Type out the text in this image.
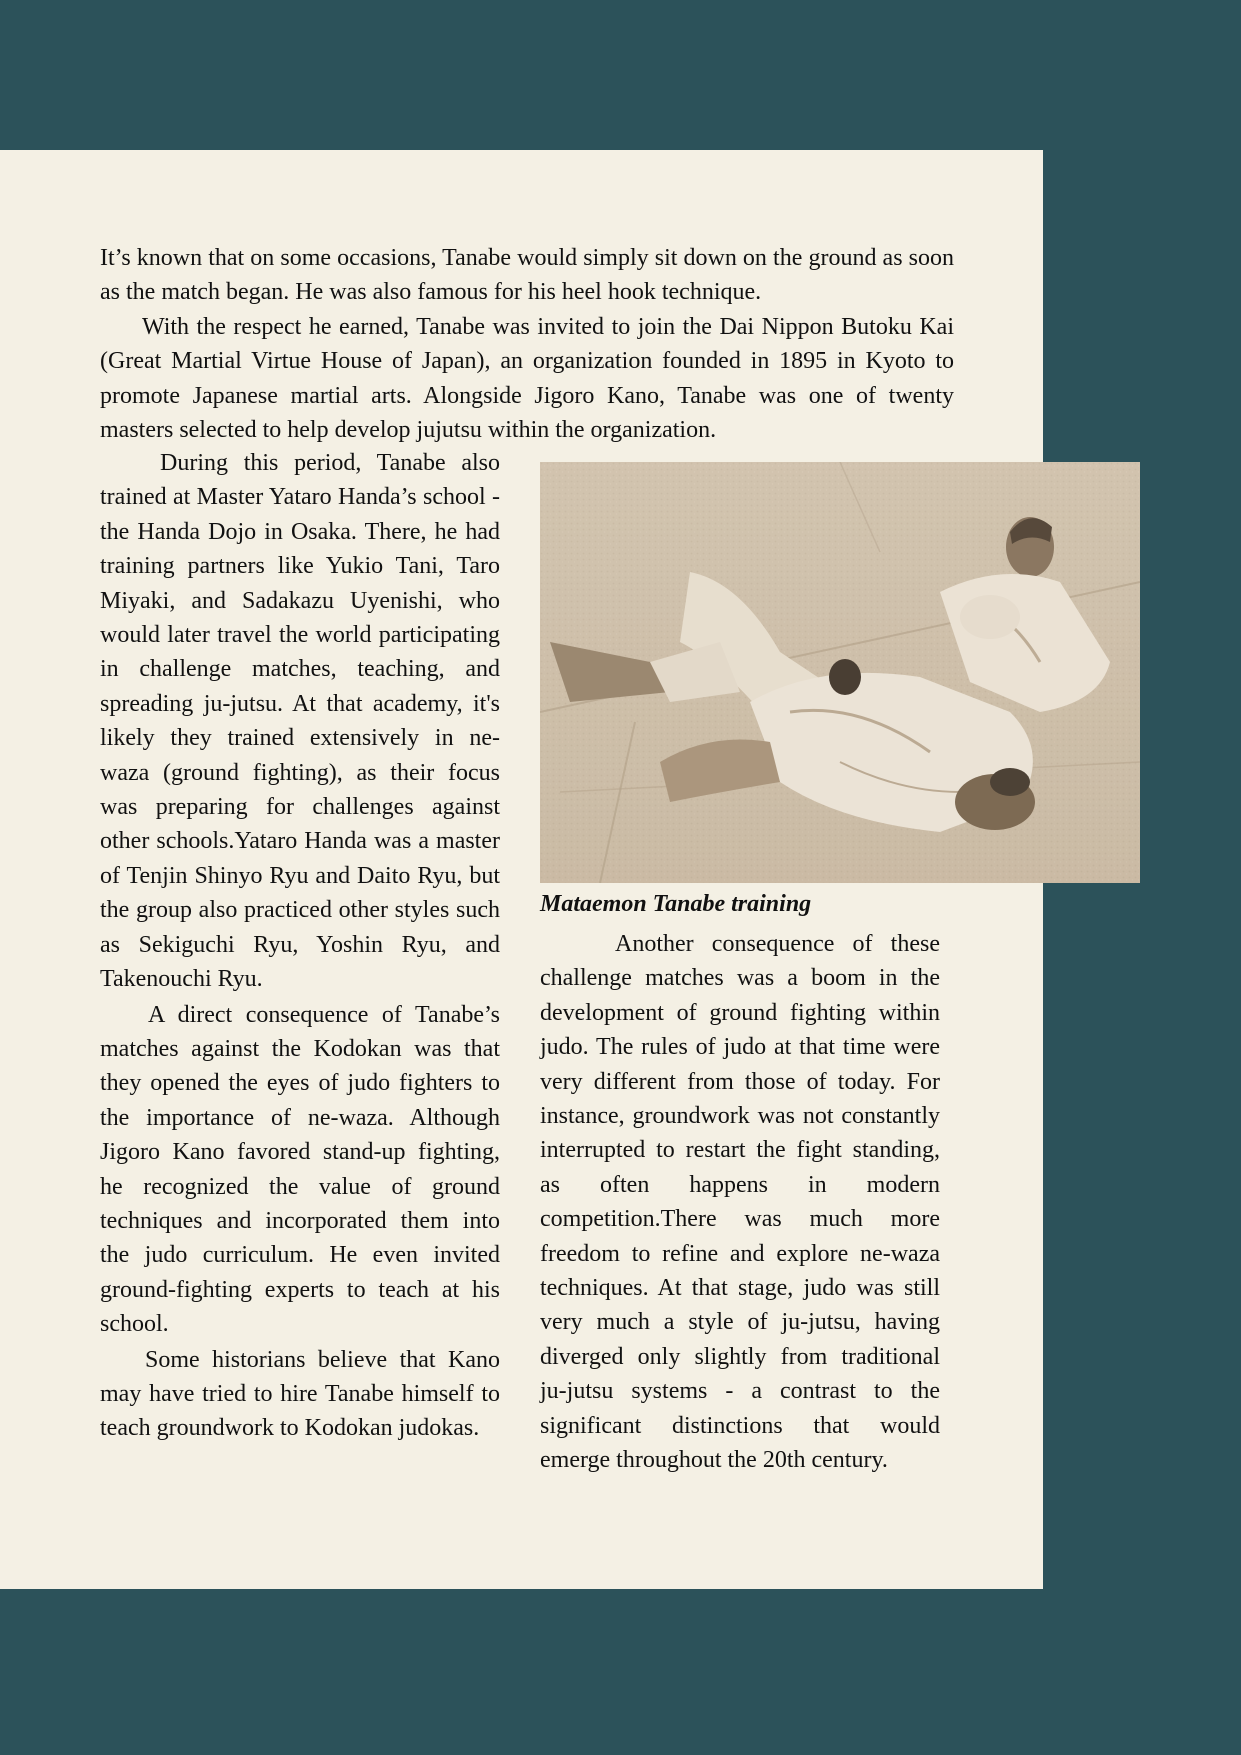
It’s known that on some occasions, Tanabe would simply sit down on the ground as soon as the match began. He was also famous for his heel hook technique.

With the respect he earned, Tanabe was invited to join the Dai Nippon Butoku Kai (Great Martial Virtue House of Japan), an organization founded in 1895 in Kyoto to promote Japanese martial arts. Alongside Jigoro Kano, Tanabe was one of twenty masters selected to help develop jujutsu within the organization.

During this period, Tanabe also trained at Master Yataro Handa’s school - the Handa Dojo in Osaka. There, he had training partners like Yukio Tani, Taro Miyaki, and Sadakazu Uyenishi, who would later travel the world participating in challenge matches, teaching, and spreading ju-jutsu. At that academy, it's likely they trained extensively in ne-waza (ground fighting), as their focus was preparing for challenges against other schools.Yataro Handa was a master of Tenjin Shinyo Ryu and Daito Ryu, but the group also practiced other styles such as Sekiguchi Ryu, Yoshin Ryu, and Takenouchi Ryu.

A direct consequence of Tanabe’s matches against the Kodokan was that they opened the eyes of judo fighters to the importance of ne-waza. Although Jigoro Kano favored stand-up fighting, he recognized the value of ground techniques and incorporated them into the judo curriculum. He even invited ground-fighting experts to teach at his school.

Some historians believe that Kano may have tried to hire Tanabe himself to teach groundwork to Kodokan judokas.

Mataemon Tanabe training

Another consequence of these challenge matches was a boom in the development of ground fighting within judo. The rules of judo at that time were very different from those of today. For instance, groundwork was not constantly interrupted to restart the fight standing, as often happens in modern competition.There was much more freedom to refine and explore ne-waza techniques. At that stage, judo was still very much a style of ju-jutsu, having diverged only slightly from traditional ju-jutsu systems - a contrast to the significant distinctions that would emerge throughout the 20th century.
